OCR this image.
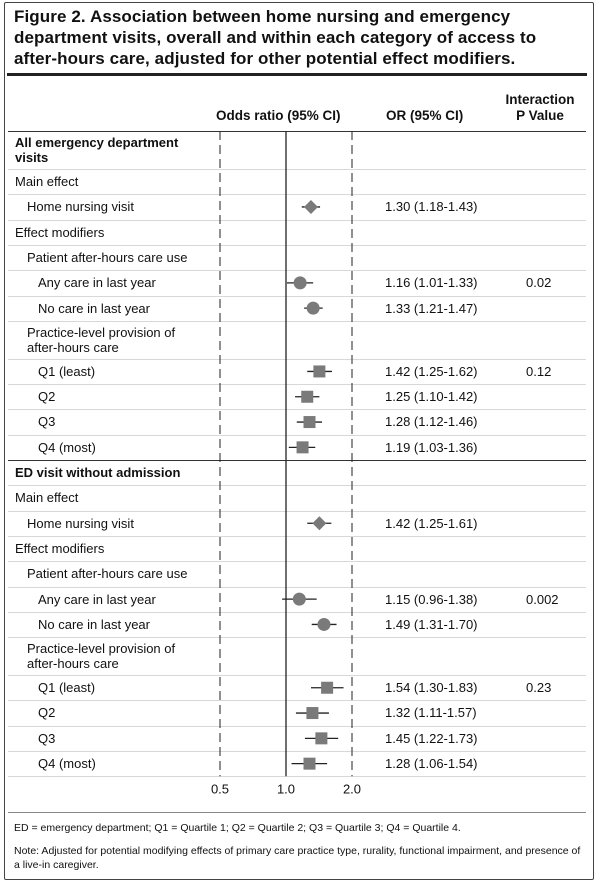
Figure 2. Association between home nursing and emergency department visits, overall and within each category of access to after-hours care, adjusted for other potential effect modifiers.
Odds ratio (95% CI)	OR (95% CI)
Interaction
P Value
All emergency department visits
Main effect
Home nursing visit	1.30 (1.18-1.43)
Effect modifiers
Patient after-hours care use
Any care in last year	1.16 (1.01-1.33)	0.02
No care in last year	1.33 (1.21-1.47)
Practice-level provision of after-hours care
Q1 (least)	1.42 (1.25-1.62)	0.12
Q2	1.25 (1.10-1.42)
Q3	1.28 (1.12-1.46)
Q4 (most)	1.19 (1.03-1.36)
ED visit without admission
Main effect
Home nursing visit	1.42 (1.25-1.61)
Effect modifiers
Patient after-hours care use
Any care in last year	1.15 (0.96-1.38)	0.002
No care in last year	1.49 (1.31-1.70)
Practice-level provision of after-hours care
Q1 (least)	1.54 (1.30-1.83)	0.23
Q2	1.32 (1.11-1.57)
Q3	1.45 (1.22-1.73)
Q4 (most)	1.28 (1.06-1.54)
0.5	1.0	2.0
ED = emergency department; Q1 = Quartile 1; Q2 = Quartile 2; Q3 = Quartile 3; Q4 = Quartile 4.
Note: Adjusted for potential modifying effects of primary care practice type, rurality, functional impairment, and presence of a live-in caregiver.
